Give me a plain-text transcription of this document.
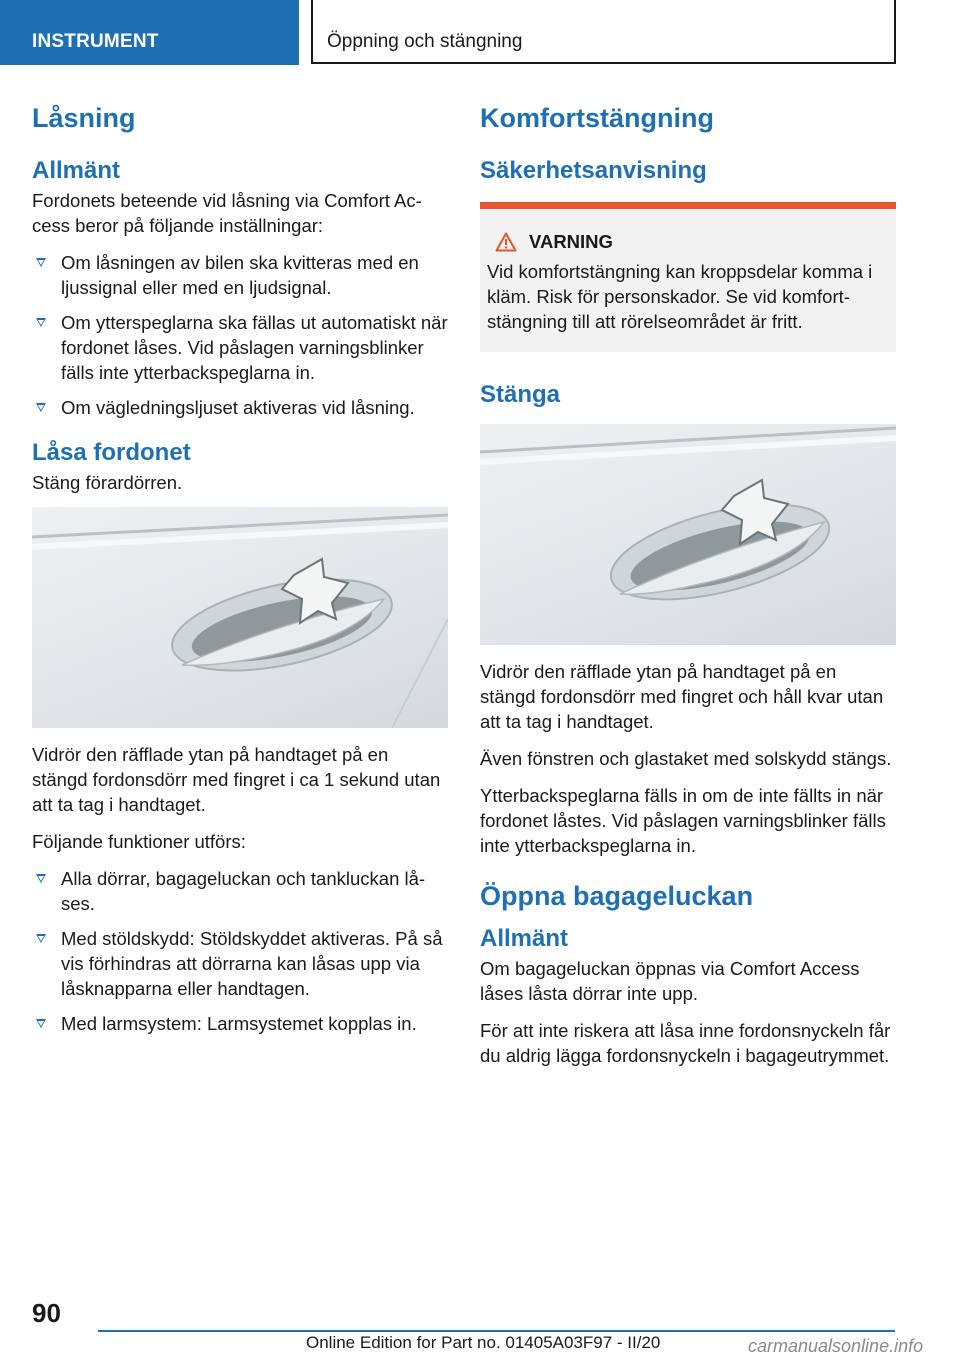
INSTRUMENT	Öppning och stängning
Låsning
Allmänt

Fordonets beteende vid låsning via Comfort Access beror på följande inställningar:

Om låsningen av bilen ska kvitteras med en ljussignal eller med en ljudsignal.
Om ytterspeglarna ska fällas ut automatiskt när fordonet låses. Vid påslagen varningsblinker fälls inte ytterbackspeglarna in.
Om vägledningsljuset aktiveras vid låsning.
Låsa fordonet

Stäng förardörren.

Vidrör den räfflade ytan på handtaget på en stängd fordonsdörr med fingret i ca 1 sekund utan att ta tag i handtaget.

Följande funktioner utförs:

Alla dörrar, bagageluckan och tankluckan låses.
Med stöldskydd: Stöldskyddet aktiveras. På så vis förhindras att dörrarna kan låsas upp via låsknapparna eller handtagen.
Med larmsystem: Larmsystemet kopplas in.
Komfortstängning
Säkerhetsanvisning
VARNING

Vid komfortstängning kan kroppsdelar komma i kläm. Risk för personskador. Se vid komfortstängning till att rörelseområdet är fritt.

Stänga

Vidrör den räfflade ytan på handtaget på en stängd fordonsdörr med fingret och håll kvar utan att ta tag i handtaget.

Även fönstren och glastaket med solskydd stängs.

Ytterbackspeglarna fälls in om de inte fällts in när fordonet låstes. Vid påslagen varningsblinker fälls inte ytterbackspeglarna in.

Öppna bagageluckan
Allmänt

Om bagageluckan öppnas via Comfort Access låses låsta dörrar inte upp.

För att inte riskera att låsa inne fordonsnyckeln får du aldrig lägga fordonsnyckeln i bagageutrymmet.

90
Online Edition for Part no. 01405A03F97 - II/20	carmanualsonline.info
